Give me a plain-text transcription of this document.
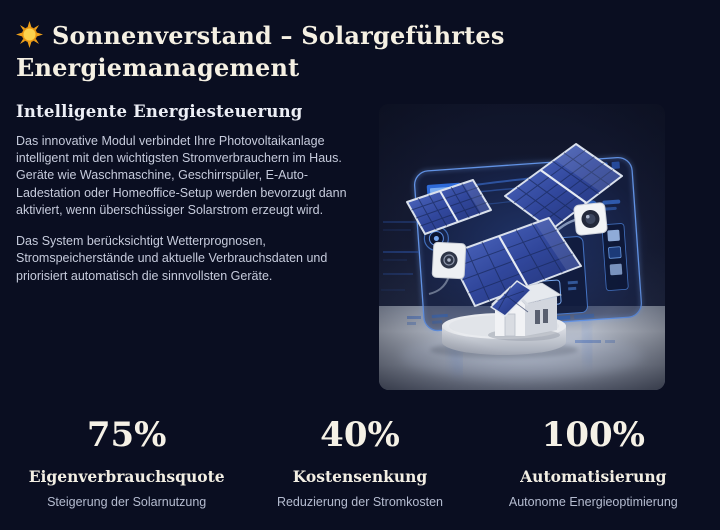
Sonnenverstand – Solargeführtes Energiemanagement
Intelligente Energiesteuerung

Das innovative Modul verbindet Ihre Photovoltaikanlage intelligent mit den wichtigsten Stromverbrauchern im Haus. Geräte wie Waschmaschine, Geschirrspüler, E-Auto-Ladestation oder Homeoffice-Setup werden bevorzugt dann aktiviert, wenn überschüssiger Solarstrom erzeugt wird.

Das System berücksichtigt Wetterprognosen, Stromspeicherstände und aktuelle Verbrauchsdaten und priorisiert automatisch die sinnvollsten Geräte.

75%
Eigenverbrauchsquote
Steigerung der Solarnutzung
40%
Kostensenkung
Reduzierung der Stromkosten
100%
Automatisierung
Autonome Energieoptimierung
